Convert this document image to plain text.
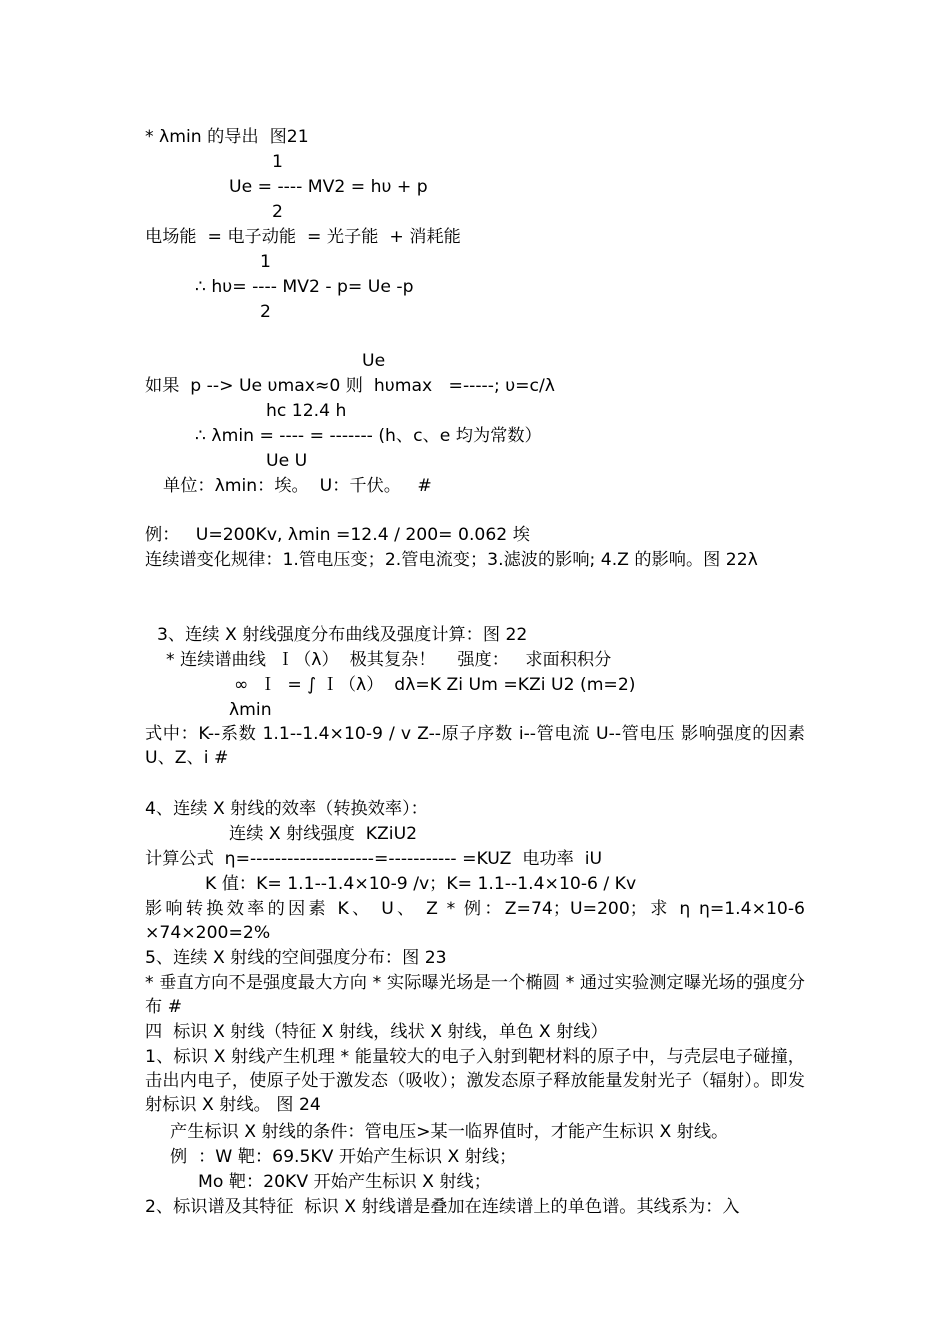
* λmin 的导出  图21
1
Ue = ---- MV2 = hυ + p
2
电场能  = 电子动能  = 光子能  + 消耗能
1
∴ hυ= ---- MV2 - p= Ue -p
2
Ue
如果  p --> Ue υmax≈0 则  hυmax   =-----; υ=c/λ
hc 12.4 h
∴ λmin = ---- = ------- (h、c、e 均为常数）
Ue U
单位：λmin：埃。  U：千伏。   #
例：   U=200Kv, λmin =12.4 / 200= 0.062 埃
连续谱变化规律：1.管电压变；2.管电流变；3.滤波的影响; 4.Z 的影响。图 22λ
3、连续 X 射线强度分布曲线及强度计算：图 22
* 连续谱曲线  Ｉ（λ）  极其复杂！    强度：   求面积积分
∞  Ｉ  = ∫ Ｉ（λ）  dλ=K Zi Um =KZi U2 (m=2)
λmin
式中：K--系数 1.1--1.4×10-9 / v Z--原子序数 i--管电流 U--管电压 影响强度的因素 U、Z、i #
4、连续 X 射线的效率（转换效率）：
连续 X 射线强度  KZiU2
计算公式  η=--------------------=----------- =KUZ  电功率  iU
K 值：K= 1.1--1.4×10-9 /v；K= 1.1--1.4×10-6 / Kv
影响转换效率的因素 K、 U、 Z * 例：Z=74；U=200；求 η η=1.4×10-6 ×74×200=2%
5、连续 X 射线的空间强度分布：图 23
* 垂直方向不是强度最大方向 * 实际曝光场是一个椭圆 * 通过实验测定曝光场的强度分布 #
四  标识 X 射线（特征 X 射线，线状 X 射线，单色 X 射线）
1、标识 X 射线产生机理 * 能量较大的电子入射到靶材料的原子中，与壳层电子碰撞，击出内电子，使原子处于激发态（吸收）；激发态原子释放能量发射光子（辐射）。即发射标识 X 射线。 图 24
产生标识 X 射线的条件：管电压>某一临界值时，才能产生标识 X 射线。
例  ：W 靶：69.5KV 开始产生标识 X 射线；
Mo 靶：20KV 开始产生标识 X 射线；
2、标识谱及其特征  标识 X 射线谱是叠加在连续谱上的单色谱。其线系为：入
